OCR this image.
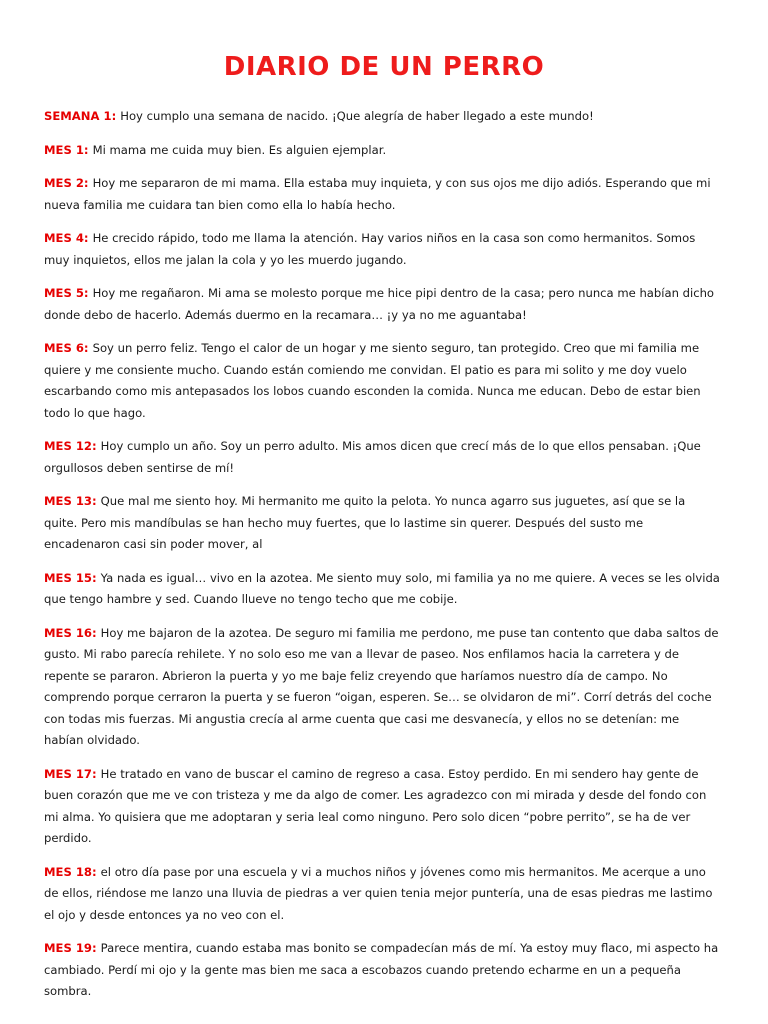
DIARIO DE UN PERRO

SEMANA 1: Hoy cumplo una semana de nacido. ¡Que alegría de haber llegado a este mundo!

MES 1: Mi mama me cuida muy bien. Es alguien ejemplar.

MES 2: Hoy me separaron de mi mama. Ella estaba muy inquieta, y con sus ojos me dijo adiós. Esperando que mi nueva familia me cuidara tan bien como ella lo había hecho.

MES 4: He crecido rápido, todo me llama la atención. Hay varios niños en la casa son como hermanitos. Somos muy inquietos, ellos me jalan la cola y yo les muerdo jugando.

MES 5: Hoy me regañaron. Mi ama se molesto porque me hice pipi dentro de la casa; pero nunca me habían dicho donde debo de hacerlo. Además duermo en la recamara… ¡y ya no me aguantaba!

MES 6: Soy un perro feliz. Tengo el calor de un hogar y me siento seguro, tan protegido. Creo que mi familia me quiere y me consiente mucho. Cuando están comiendo me convidan. El patio es para mi solito y me doy vuelo escarbando como mis antepasados los lobos cuando esconden la comida. Nunca me educan. Debo de estar bien todo lo que hago.

MES 12: Hoy cumplo un año. Soy un perro adulto. Mis amos dicen que crecí más de lo que ellos pensaban. ¡Que orgullosos deben sentirse de mí!

MES 13: Que mal me siento hoy. Mi hermanito me quito la pelota. Yo nunca agarro sus juguetes, así que se la quite. Pero mis mandíbulas se han hecho muy fuertes, que lo lastime sin querer. Después del susto me encadenaron casi sin poder mover, al

MES 15: Ya nada es igual… vivo en la azotea. Me siento muy solo, mi familia ya no me quiere. A veces se les olvida que tengo hambre y sed. Cuando llueve no tengo techo que me cobije.

MES 16: Hoy me bajaron de la azotea. De seguro mi familia me perdono, me puse tan contento que daba saltos de gusto. Mi rabo parecía rehilete. Y no solo eso me van a llevar de paseo. Nos enfilamos hacia la carretera y de repente se pararon. Abrieron la puerta y yo me baje feliz creyendo que haríamos nuestro día de campo. No comprendo porque cerraron la puerta y se fueron “oigan, esperen. Se… se olvidaron de mi”. Corrí detrás del coche con todas mis fuerzas. Mi angustia crecía al arme cuenta que casi me desvanecía, y ellos no se detenían: me habían olvidado.

MES 17: He tratado en vano de buscar el camino de regreso a casa. Estoy perdido. En mi sendero hay gente de buen corazón que me ve con tristeza y me da algo de comer. Les agradezco con mi mirada y desde del fondo con mi alma. Yo quisiera que me adoptaran y seria leal como ninguno. Pero solo dicen “pobre perrito”, se ha de ver perdido.

MES 18: el otro día pase por una escuela y vi a muchos niños y jóvenes como mis hermanitos. Me acerque a uno de ellos, riéndose me lanzo una lluvia de piedras a ver quien tenia mejor puntería, una de esas piedras me lastimo el ojo y desde entonces ya no veo con el.

MES 19: Parece mentira, cuando estaba mas bonito se compadecían más de mí. Ya estoy muy flaco, mi aspecto ha cambiado. Perdí mi ojo y la gente mas bien me saca a escobazos cuando pretendo echarme en un a pequeña sombra.
